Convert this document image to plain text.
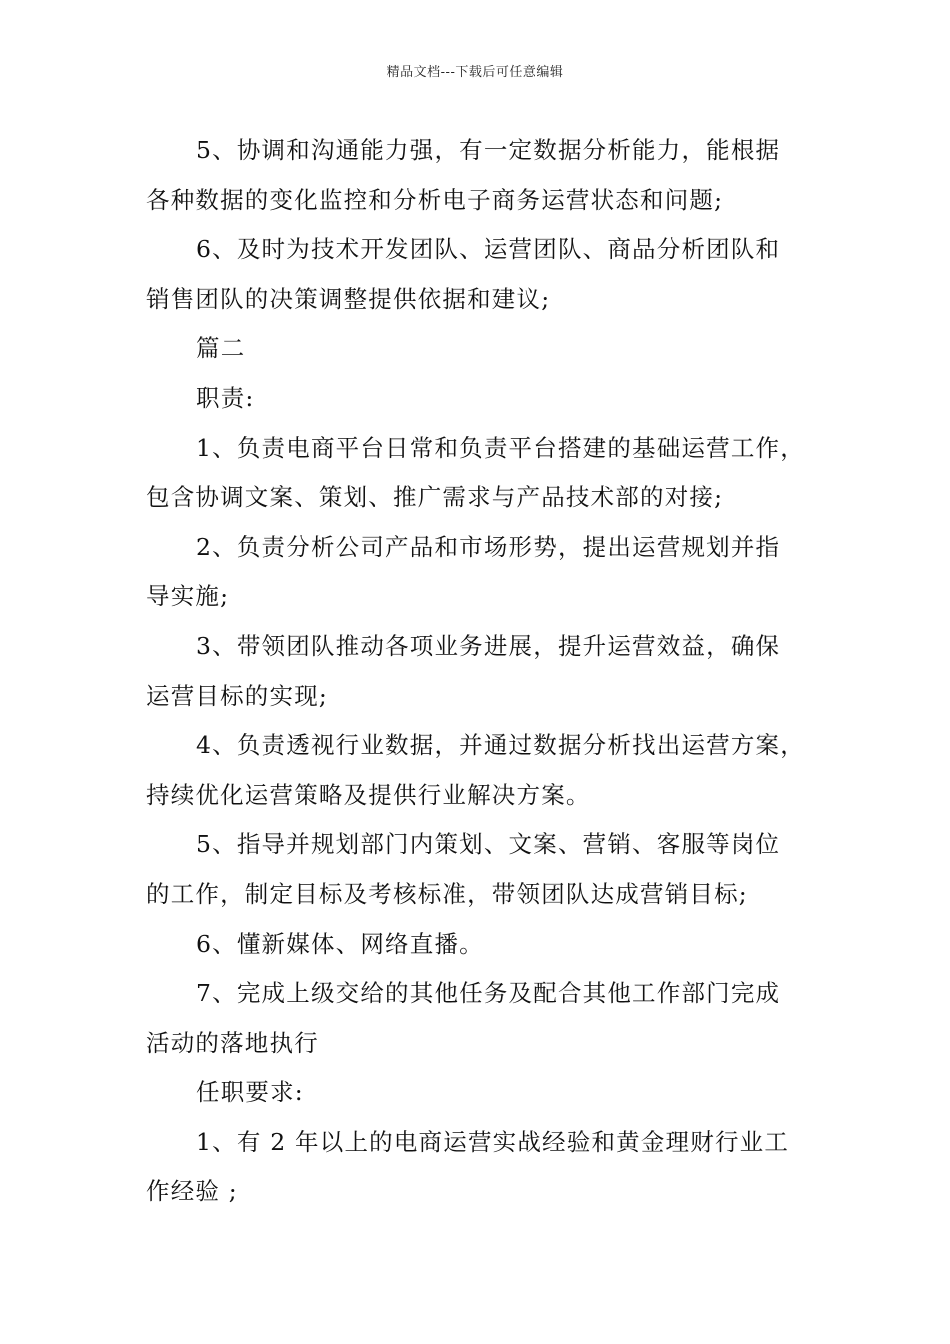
精品文档---下载后可任意编辑

5、协调和沟通能力强，有一定数据分析能力，能根据
各种数据的变化监控和分析电子商务运营状态和问题;

6、及时为技术开发团队、运营团队、商品分析团队和
销售团队的决策调整提供依据和建议;

篇二

职责:

1、负责电商平台日常和负责平台搭建的基础运营工作，
包含协调文案、策划、推广需求与产品技术部的对接;

2、负责分析公司产品和市场形势，提出运营规划并指
导实施;

3、带领团队推动各项业务进展，提升运营效益，确保
运营目标的实现;

4、负责透视行业数据，并通过数据分析找出运营方案，
持续优化运营策略及提供行业解决方案。

5、指导并规划部门内策划、文案、营销、客服等岗位
的工作，制定目标及考核标准，带领团队达成营销目标;

6、懂新媒体、网络直播。

7、完成上级交给的其他任务及配合其他工作部门完成
活动的落地执行

任职要求:

1、有 2 年以上的电商运营实战经验和黄金理财行业工
作经验 ;
